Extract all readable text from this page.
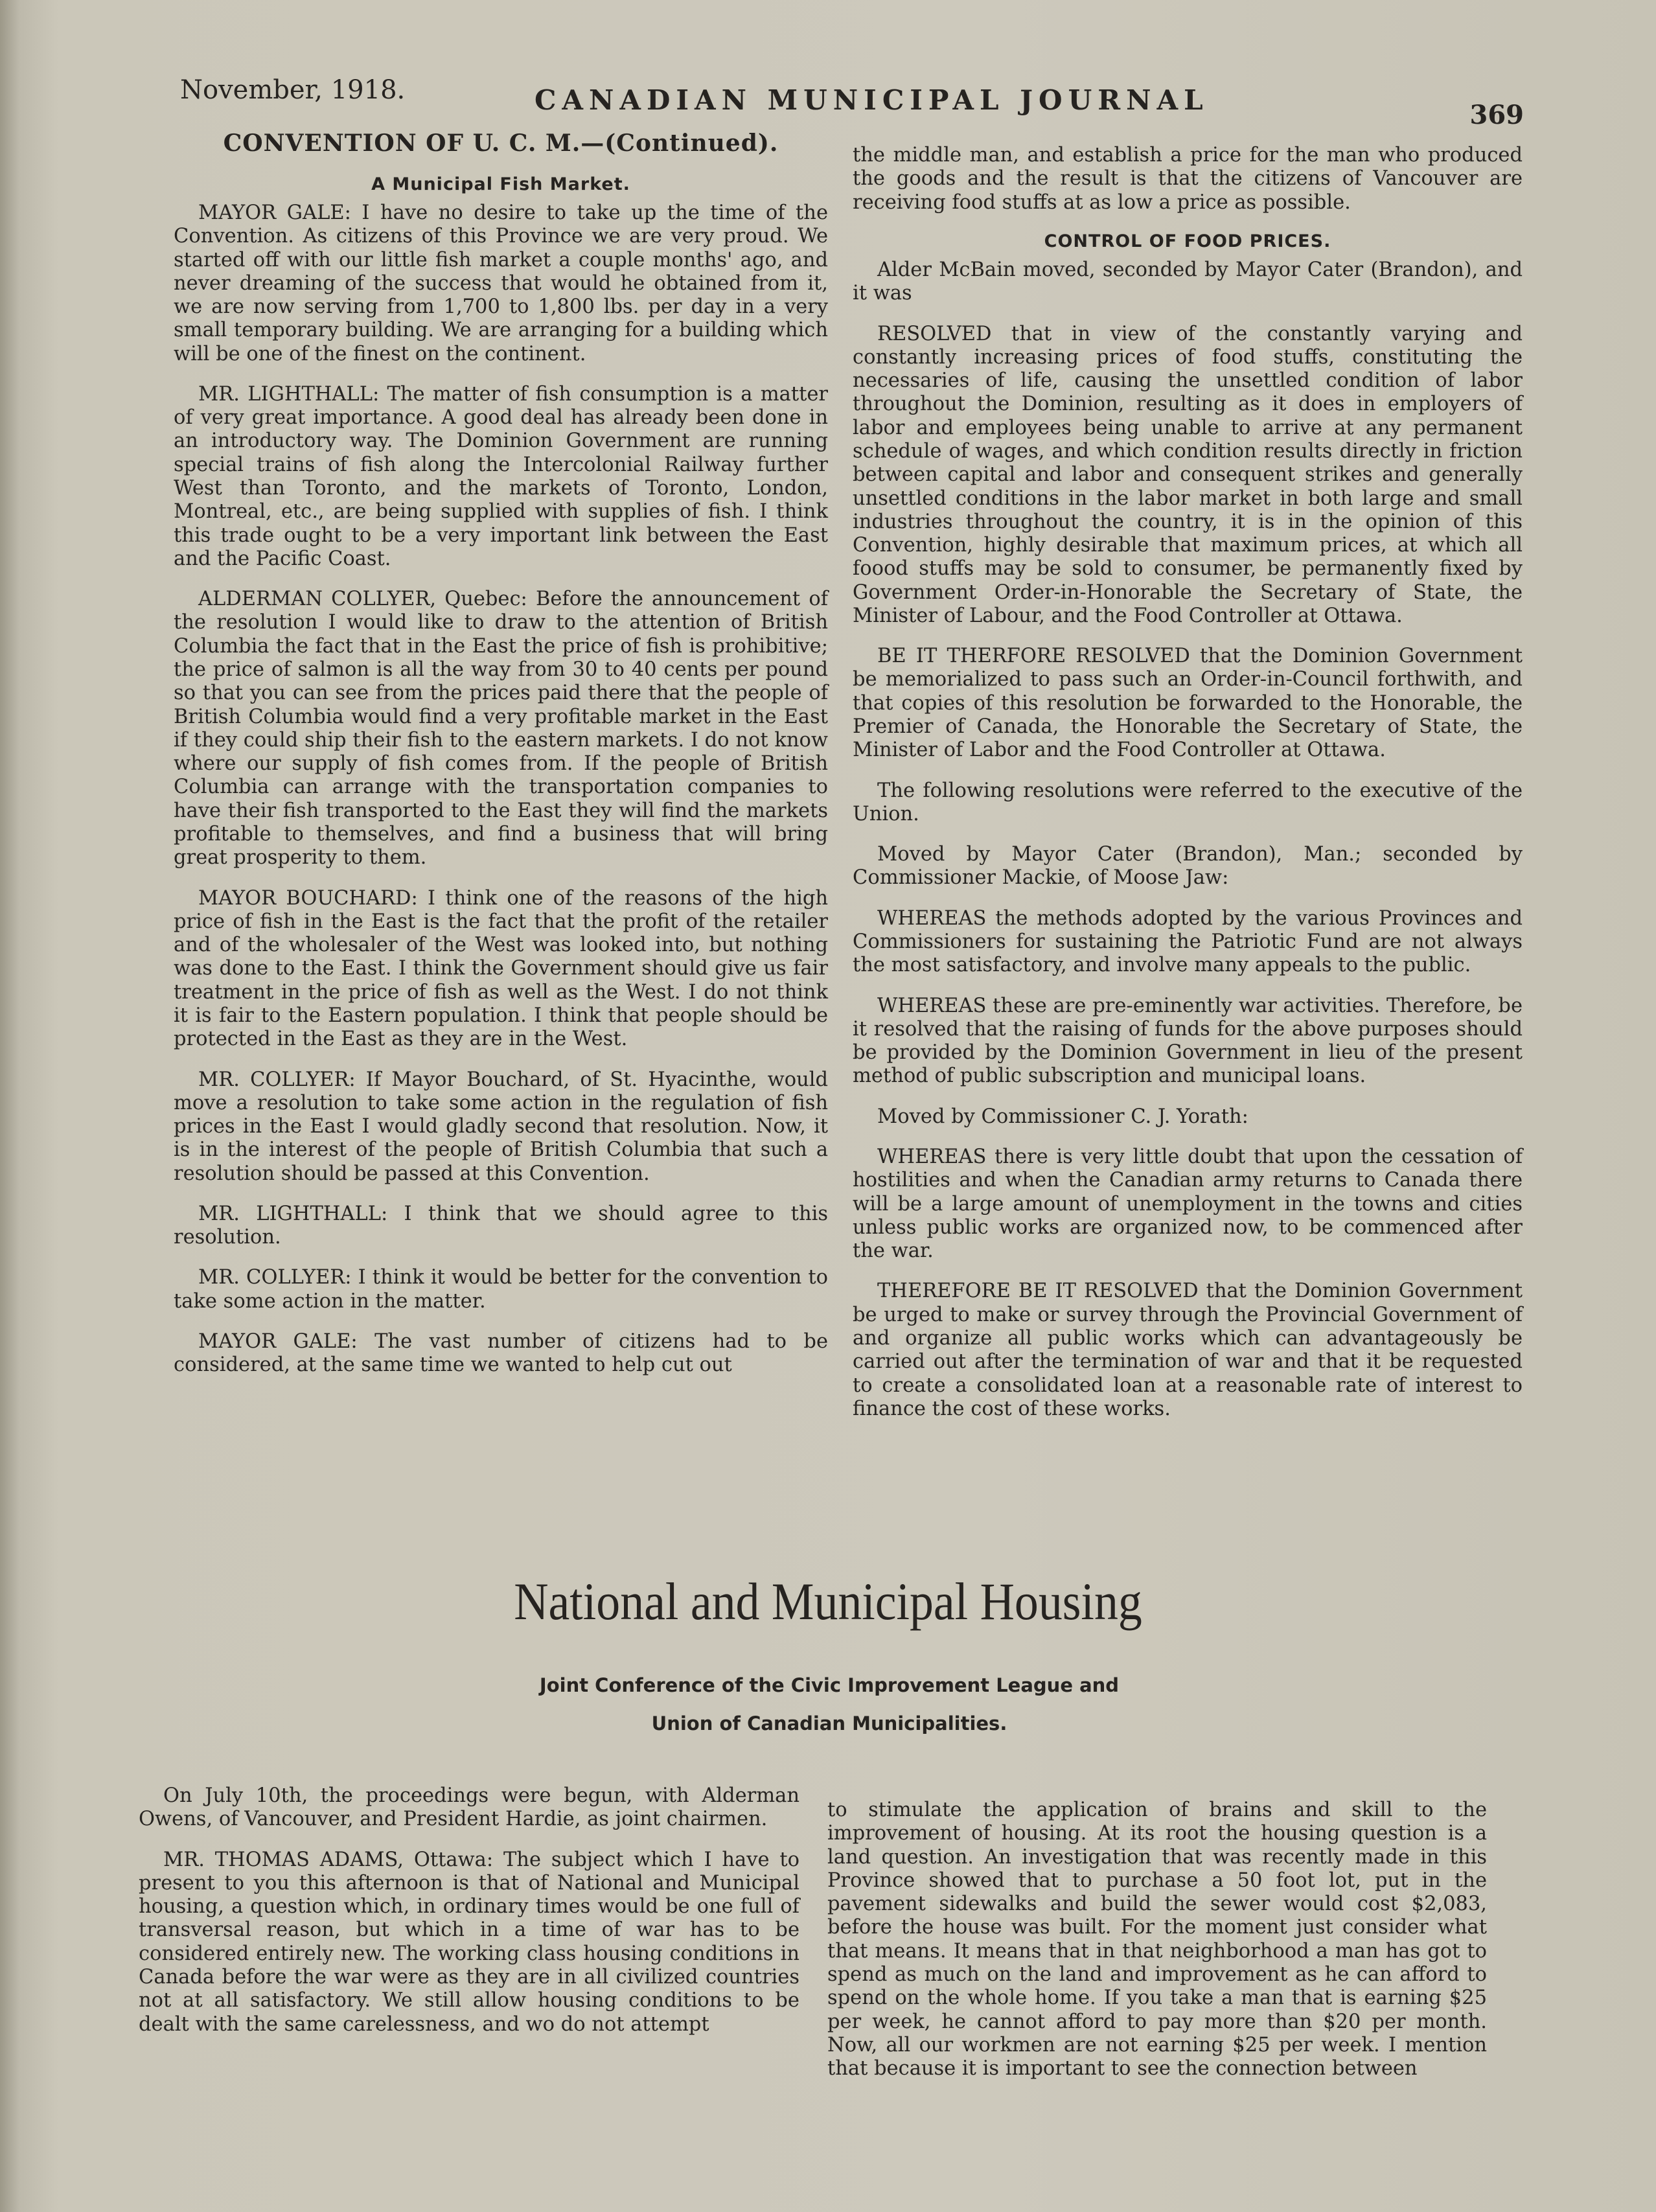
November, 1918.	CANADIAN MUNICIPAL JOURNAL	369
CONVENTION OF U. C. M.—(Continued).
A Municipal Fish Market.

MAYOR GALE: I have no desire to take up the time of the Convention. As citizens of this Province we are very proud. We started off with our little fish market a couple months' ago, and never dreaming of the success that would he obtained from it, we are now serving from 1,700 to 1,800 lbs. per day in a very small temporary building. We are arranging for a building which will be one of the finest on the continent.

MR. LIGHTHALL: The matter of fish consumption is a matter of very great importance. A good deal has already been done in an introductory way. The Dominion Government are running special trains of fish along the Intercolonial Railway further West than Toronto, and the markets of Toronto, London, Montreal, etc., are being supplied with supplies of fish. I think this trade ought to be a very important link between the East and the Pacific Coast.

ALDERMAN COLLYER, Quebec: Before the announcement of the resolution I would like to draw to the attention of British Columbia the fact that in the East the price of fish is prohibitive; the price of salmon is all the way from 30 to 40 cents per pound so that you can see from the prices paid there that the people of British Columbia would find a very profitable market in the East if they could ship their fish to the eastern markets. I do not know where our supply of fish comes from. If the people of British Columbia can arrange with the transportation companies to have their fish transported to the East they will find the markets profitable to themselves, and find a business that will bring great prosperity to them.

MAYOR BOUCHARD: I think one of the reasons of the high price of fish in the East is the fact that the profit of the retailer and of the wholesaler of the West was looked into, but nothing was done to the East. I think the Government should give us fair treatment in the price of fish as well as the West. I do not think it is fair to the Eastern population. I think that people should be protected in the East as they are in the West.

MR. COLLYER: If Mayor Bouchard, of St. Hyacinthe, would move a resolution to take some action in the regulation of fish prices in the East I would gladly second that resolution. Now, it is in the interest of the people of British Columbia that such a resolution should be passed at this Convention.

MR. LIGHTHALL: I think that we should agree to this resolution.

MR. COLLYER: I think it would be better for the convention to take some action in the matter.

MAYOR GALE: The vast number of citizens had to be considered, at the same time we wanted to help cut out

the middle man, and establish a price for the man who produced the goods and the result is that the citizens of Vancouver are receiving food stuffs at as low a price as possible.

CONTROL OF FOOD PRICES.

Alder McBain moved, seconded by Mayor Cater (Brandon), and it was

RESOLVED that in view of the constantly varying and constantly increasing prices of food stuffs, constituting the necessaries of life, causing the unsettled condition of labor throughout the Dominion, resulting as it does in employers of labor and employees being unable to arrive at any permanent schedule of wages, and which condition results directly in friction between capital and labor and consequent strikes and generally unsettled conditions in the labor market in both large and small industries throughout the country, it is in the opinion of this Convention, highly desirable that maximum prices, at which all foood stuffs may be sold to consumer, be permanently fixed by Government Order-in-Honorable the Secretary of State, the Minister of Labour, and the Food Controller at Ottawa.

BE IT THERFORE RESOLVED that the Dominion Government be memorialized to pass such an Order-in-Council forthwith, and that copies of this resolution be forwarded to the Honorable, the Premier of Canada, the Honorable the Secretary of State, the Minister of Labor and the Food Controller at Ottawa.

The following resolutions were referred to the executive of the Union.

Moved by Mayor Cater (Brandon), Man.; seconded by Commissioner Mackie, of Moose Jaw:

WHEREAS the methods adopted by the various Provinces and Commissioners for sustaining the Patriotic Fund are not always the most satisfactory, and involve many appeals to the public.

WHEREAS these are pre-eminently war activities. Therefore, be it resolved that the raising of funds for the above purposes should be provided by the Dominion Government in lieu of the present method of public subscription and municipal loans.

Moved by Commissioner C. J. Yorath:

WHEREAS there is very little doubt that upon the cessation of hostilities and when the Canadian army returns to Canada there will be a large amount of unemployment in the towns and cities unless public works are organized now, to be commenced after the war.

THEREFORE BE IT RESOLVED that the Dominion Government be urged to make or survey through the Provincial Government of and organize all public works which can advantageously be carried out after the termination of war and that it be requested to create a consolidated loan at a reasonable rate of interest to finance the cost of these works.

National and Municipal Housing
Joint Conference of the Civic Improvement League and
Union of Canadian Municipalities.

On July 10th, the proceedings were begun, with Alderman Owens, of Vancouver, and President Hardie, as joint chairmen.

MR. THOMAS ADAMS, Ottawa: The subject which I have to present to you this afternoon is that of National and Municipal housing, a question which, in ordinary times would be one full of transversal reason, but which in a time of war has to be considered entirely new. The working class housing conditions in Canada before the war were as they are in all civilized countries not at all satisfactory. We still allow housing conditions to be dealt with the same carelessness, and wo do not attempt

to stimulate the application of brains and skill to the improvement of housing. At its root the housing question is a land question. An investigation that was recently made in this Province showed that to purchase a 50 foot lot, put in the pavement sidewalks and build the sewer would cost $2,083, before the house was built. For the moment just consider what that means. It means that in that neighborhood a man has got to spend as much on the land and improvement as he can afford to spend on the whole home. If you take a man that is earning $25 per week, he cannot afford to pay more than $20 per month. Now, all our workmen are not earning $25 per week. I mention that because it is important to see the connection between
